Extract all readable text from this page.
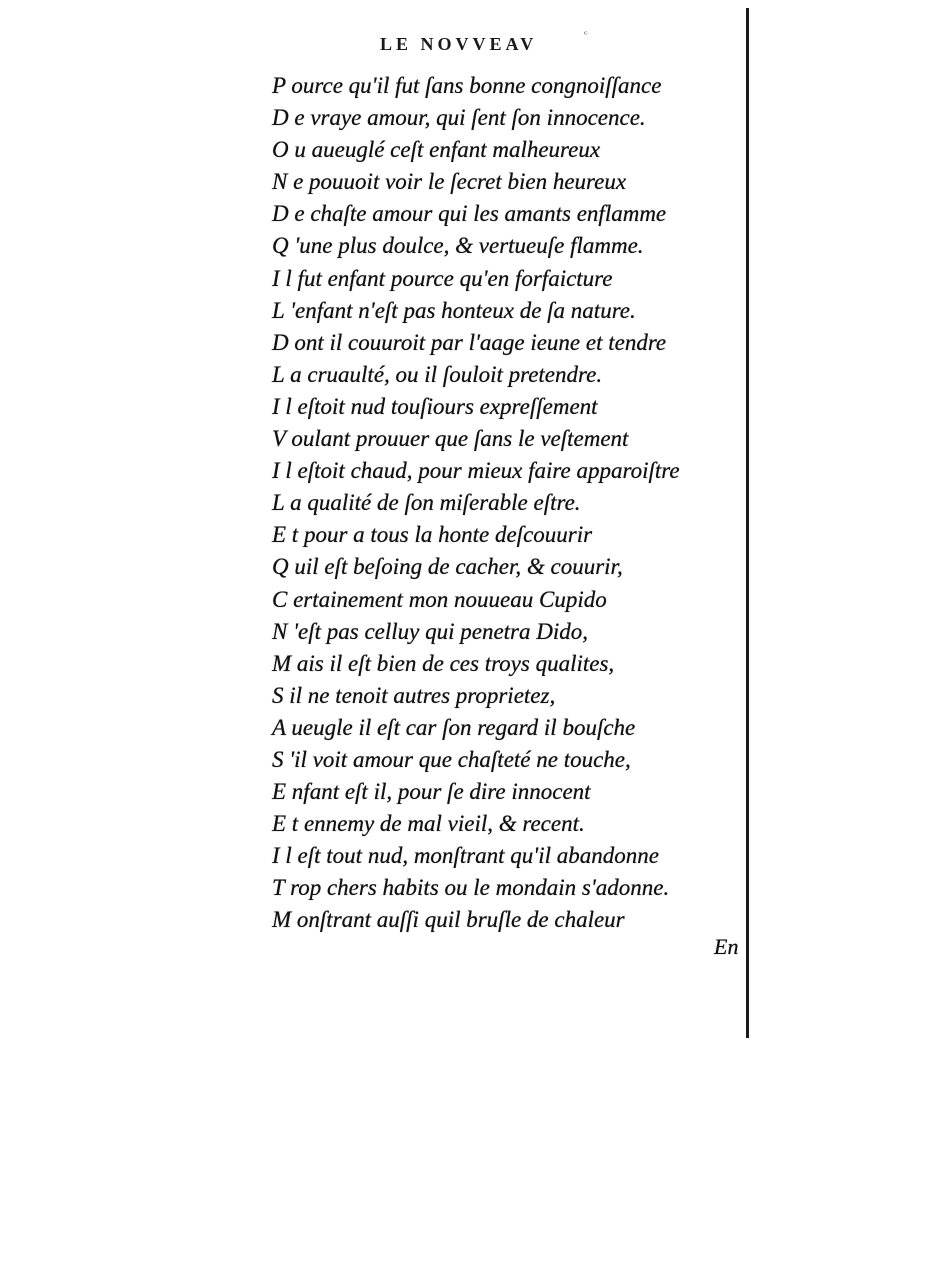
LE NOVVEAV	ᶜ
P ource qu'il fut ſans bonne congnoiſſance
D e vraye amour, qui ſent ſon innocence.
O u aueuglé ceſt enfant malheureux
N e pouuoit voir le ſecret bien heureux
D e chaſte amour qui les amants enflamme
Q 'une plus doulce, & vertueuſe flamme.
I l fut enfant pource qu'en forfaicture
L 'enfant n'eſt pas honteux de ſa nature.
D ont il couuroit par l'aage ieune et tendre
L a cruaulté, ou il ſouloit pretendre.
I l eſtoit nud touſiours expreſſement
V oulant prouuer que ſans le veſtement
I l eſtoit chaud, pour mieux faire apparoiſtre
L a qualité de ſon miſerable eſtre.
E t pour a tous la honte deſcouurir
Q uil eſt beſoing de cacher, & couurir,
C ertainement mon nouueau Cupido
N 'eſt pas celluy qui penetra Dido,
M ais il eſt bien de ces troys qualites,
S il ne tenoit autres proprietez,
A ueugle il eſt car ſon regard il bouſche
S 'il voit amour que chaſteté ne touche,
E nfant eſt il, pour ſe dire innocent
E t ennemy de mal vieil, & recent.
I l eſt tout nud, monſtrant qu'il abandonne
T rop chers habits ou le mondain s'adonne.
M onſtrant auſſi quil bruſle de chaleur
En
